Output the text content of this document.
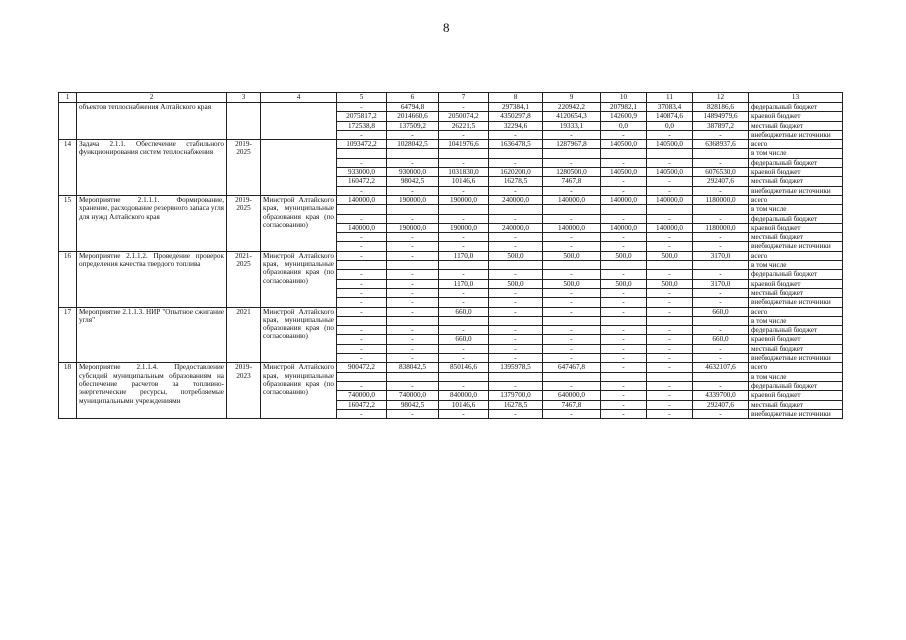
8
1	2	3	4	5	6	7	8	9	10	11	12	13
	объектов теплоснабжения Алтайского края			-	64794,8	-	297384,1	220942,2	207982,1	37083,4	828186,6	федеральный бюджет
				2075817,2	2014660,6	2050074,2	4350297,8	4120654,3	142600,9	140874,6	14894979,6	краевой бюджет
				172538,8	137509,2	26221,5	32294,6	19333,1	0,0	0,0	387897,2	местный бюджет
				-	-	-	-	-	-	-	-	внебюджетные источники
14	Задача 2.1.1. Обеспечение стабильного функционирования систем теплоснабжения	2019-2025		1093472,2	1028042,5	1041976,6	1636478,5	1287967,8	140500,0	140500,0	6368937,6	всего
												в том числе
				-	-	-	-	-	-	-	-	федеральный бюджет
				933000,0	930000,0	1031830,0	1620200,0	1280500,0	140500,0	140500,0	6076530,0	краевой бюджет
				160472,2	98042,5	10146,6	16278,5	7467,8	-	-	292407,6	местный бюджет
				-	-	-	-	-	-	-	-	внебюджетные источники
15	Мероприятие 2.1.1.1. Формирование, хранение, расходование резервного запаса угля для нужд Алтайского края	2019-2025	Минстрой Алтайского края, муниципальные образования края (по согласованию)	140000,0	190000,0	190000,0	240000,0	140000,0	140000,0	140000,0	1180000,0	всего
												в том числе
				-	-	-	-	-	-	-	-	федеральный бюджет
				140000,0	190000,0	190000,0	240000,0	140000,0	140000,0	140000,0	1180000,0	краевой бюджет
				-	-	-	-	-	-	-	-	местный бюджет
				-	-	-	-	-	-	-	-	внебюджетные источники
16	Мероприятие 2.1.1.2. Проведение проверок определения качества твердого топлива	2021-2025	Минстрой Алтайского края, муниципальные образования края (по согласованию)	-	-	1170,0	500,0	500,0	500,0	500,0	3170,0	всего
												в том числе
				-	-	-	-	-	-	-	-	федеральный бюджет
				-	-	1170,0	500,0	500,0	500,0	500,0	3170,0	краевой бюджет
				-	-	-	-	-	-	-	-	местный бюджет
				-	-	-	-	-	-	-	-	внебюджетные источники
17	Мероприятие 2.1.1.3. НИР "Опытное сжигание угля"	2021	Минстрой Алтайского края, муниципальные образования края (по согласованию)	-	-	660,0	-	-	-	-	660,0	всего
												в том числе
				-	-	-	-	-	-	-	-	федеральный бюджет
				-	-	660,0	-	-	-	-	660,0	краевой бюджет
				-	-	-	-	-	-	-	-	местный бюджет
				-	-	-	-	-	-	-	-	внебюджетные источники
18	Мероприятие 2.1.1.4. Предоставление субсидий муниципальным образованиям на обеспечение расчетов за топливно-энергетические ресурсы, потребляемые муниципальными учреждениями	2019-2023	Минстрой Алтайского края, муниципальные образования края (по согласованию)	900472,2	838042,5	850146,6	1395978,5	647467,8	-	-	4632107,6	всего
												в том числе
				-	-	-	-	-	-	-	-	федеральный бюджет
				740000,0	740000,0	840000,0	1379700,0	640000,0	-	-	4339700,0	краевой бюджет
				160472,2	98042,5	10146,6	16278,5	7467,8	-	-	292407,6	местный бюджет
				-	-	-	-	-	-	-	-	внебюджетные источники
